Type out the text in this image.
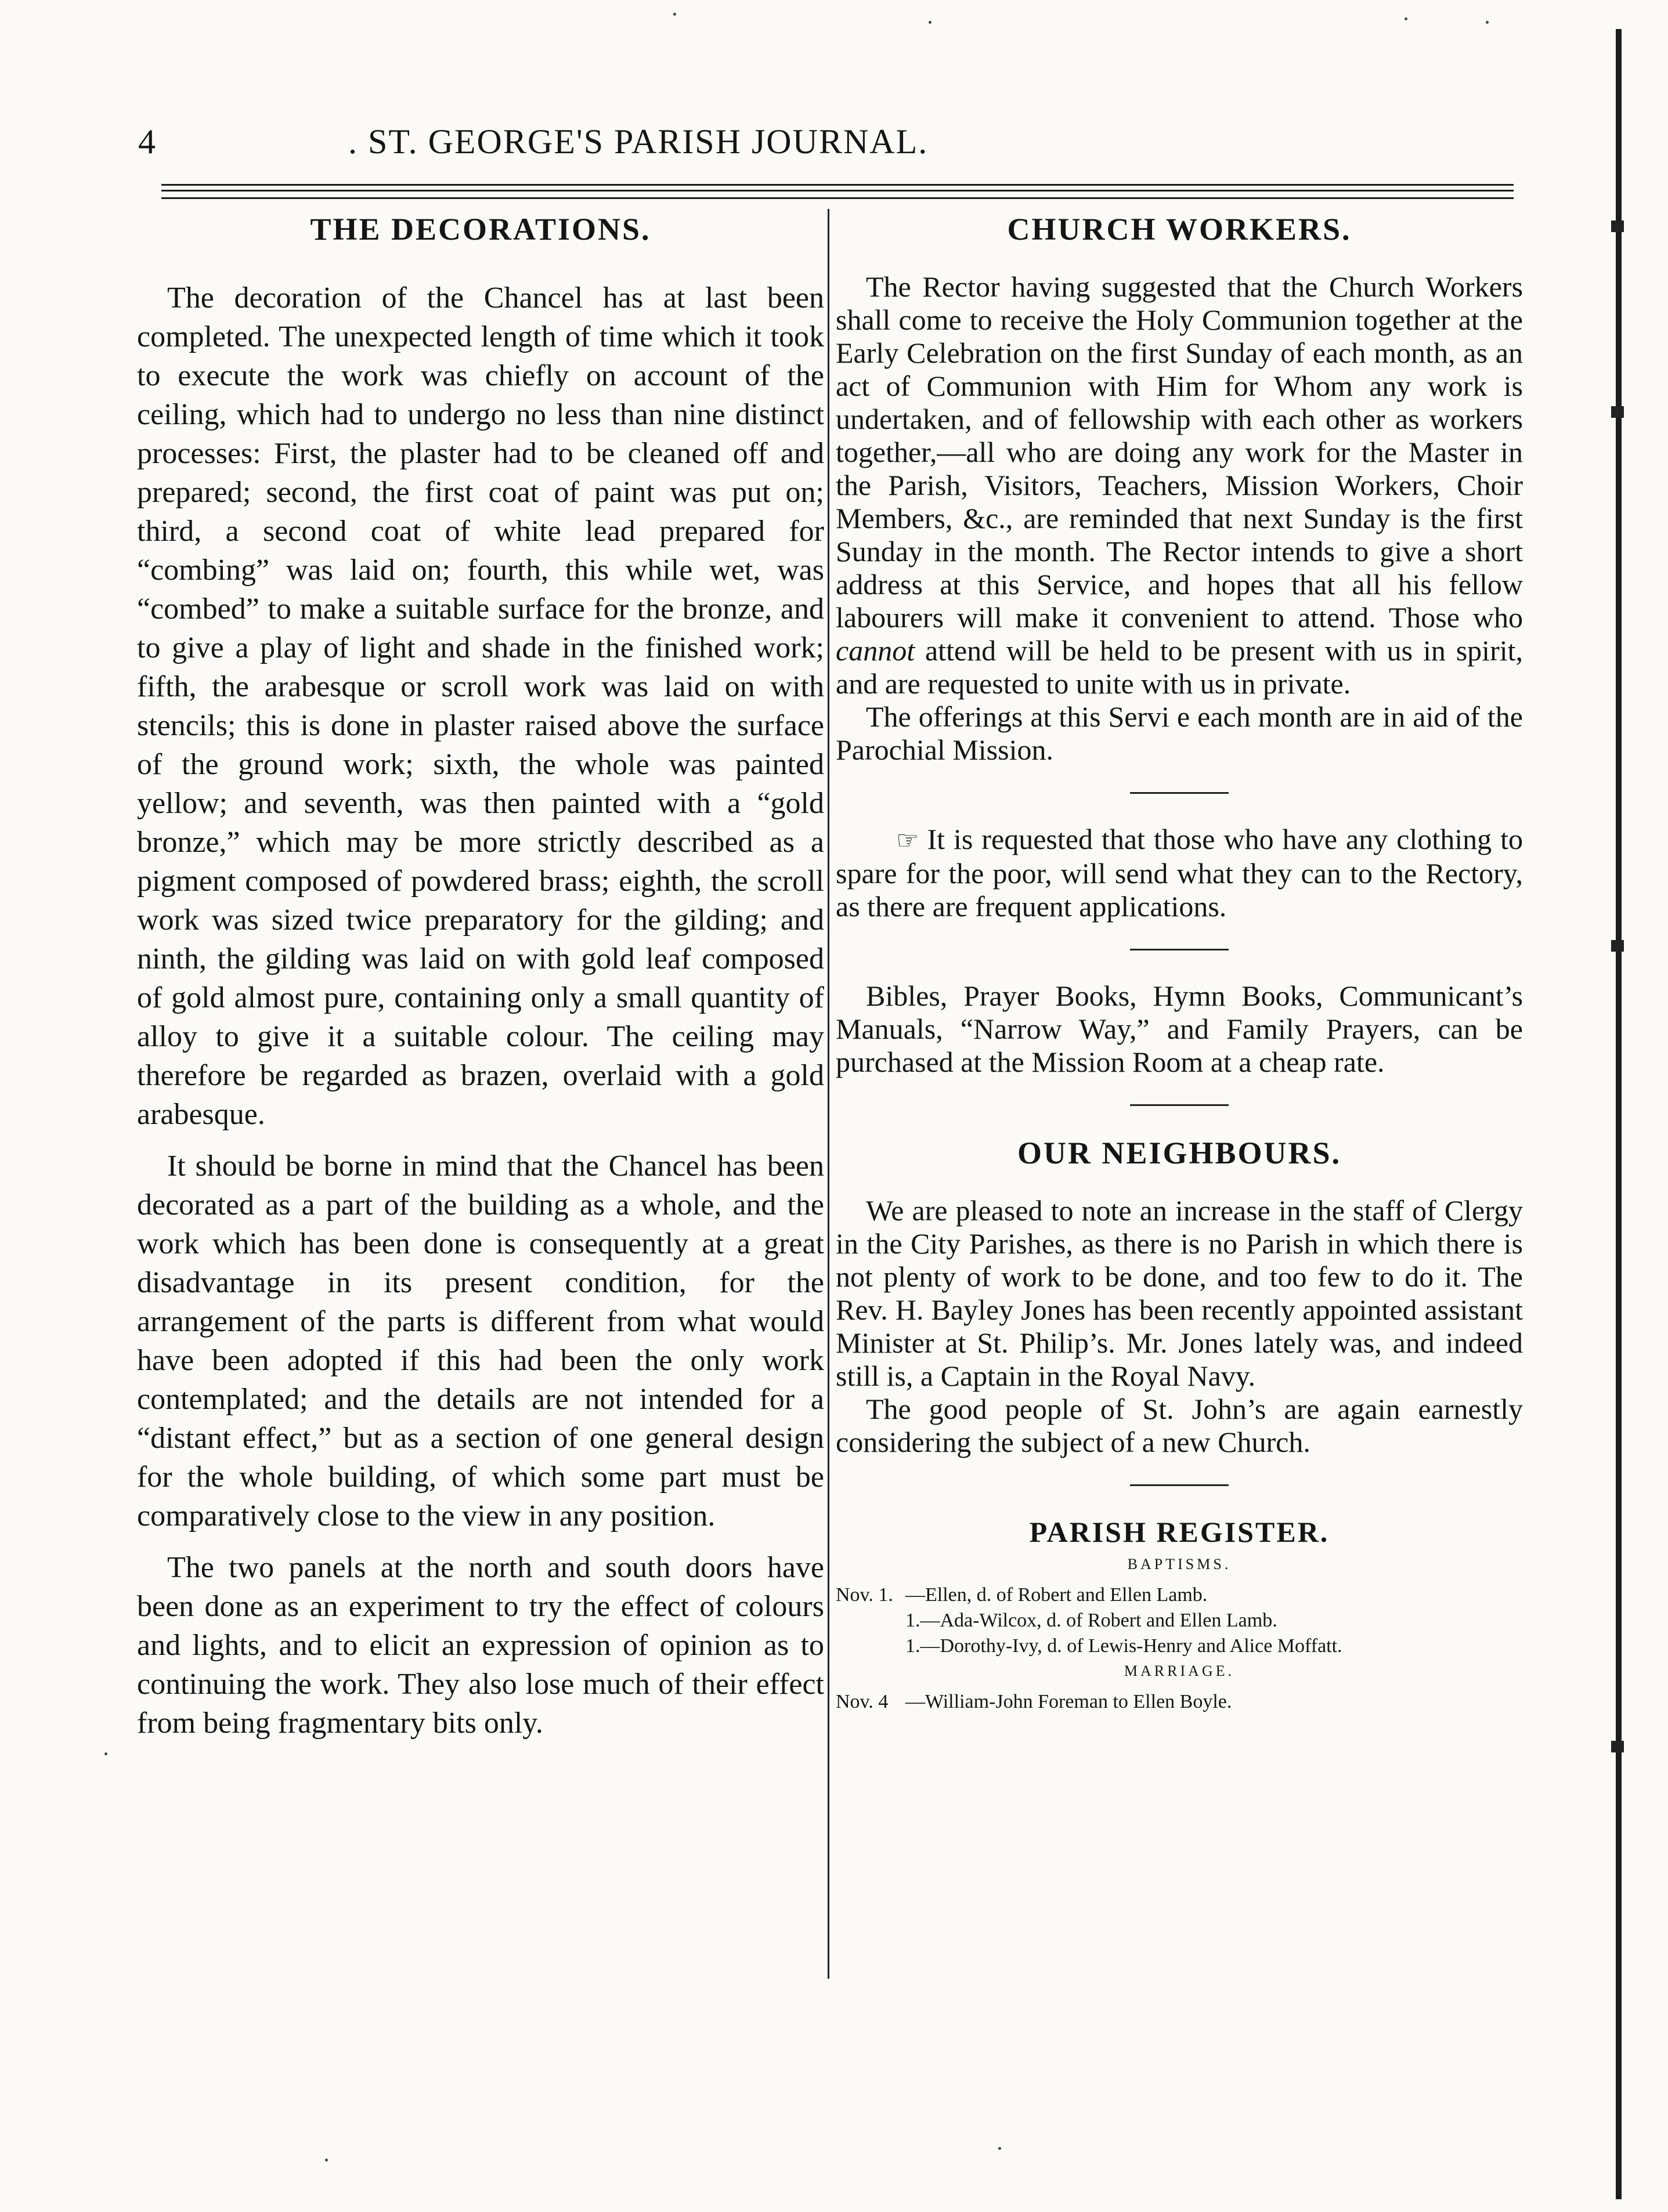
4	. ST. GEORGE'S PARISH JOURNAL.
THE DECORATIONS.

The decoration of the Chancel has at last been completed. The unexpected length of time which it took to execute the work was chiefly on account of the ceiling, which had to undergo no less than nine distinct processes: First, the plaster had to be cleaned off and prepared; second, the first coat of paint was put on; third, a second coat of white lead prepared for “combing” was laid on; fourth, this while wet, was “combed” to make a suitable surface for the bronze, and to give a play of light and shade in the finished work; fifth, the arabesque or scroll work was laid on with stencils; this is done in plaster raised above the surface of the ground work; sixth, the whole was painted yellow; and seventh, was then painted with a “gold bronze,” which may be more strictly described as a pigment composed of powdered brass; eighth, the scroll work was sized twice preparatory for the gilding; and ninth, the gilding was laid on with gold leaf composed of gold almost pure, containing only a small quantity of alloy to give it a suitable colour. The ceiling may therefore be regarded as brazen, overlaid with a gold arabesque.

It should be borne in mind that the Chancel has been decorated as a part of the building as a whole, and the work which has been done is consequently at a great disadvantage in its present condition, for the arrangement of the parts is different from what would have been adopted if this had been the only work contemplated; and the details are not intended for a “distant effect,” but as a section of one general design for the whole building, of which some part must be comparatively close to the view in any position.

The two panels at the north and south doors have been done as an experiment to try the effect of colours and lights, and to elicit an expression of opinion as to continuing the work. They also lose much of their effect from being fragmentary bits only.

CHURCH WORKERS.

The Rector having suggested that the Church Workers shall come to receive the Holy Communion together at the Early Celebration on the first Sunday of each month, as an act of Communion with Him for Whom any work is undertaken, and of fellowship with each other as workers together,—all who are doing any work for the Master in the Parish, Visitors, Teachers, Mission Workers, Choir Members, &c., are reminded that next Sunday is the first Sunday in the month. The Rector intends to give a short address at this Service, and hopes that all his fellow labourers will make it convenient to attend. Those who cannot attend will be held to be present with us in spirit, and are requested to unite with us in private.

The offerings at this Servi e each month are in aid of the Parochial Mission.

☞ It is requested that those who have any clothing to spare for the poor, will send what they can to the Rectory, as there are frequent applications.

Bibles, Prayer Books, Hymn Books, Communicant’s Manuals, “Narrow Way,” and Family Prayers, can be purchased at the Mission Room at a cheap rate.

OUR NEIGHBOURS.

We are pleased to note an increase in the staff of Clergy in the City Parishes, as there is no Parish in which there is not plenty of work to be done, and too few to do it. The Rev. H. Bayley Jones has been recently appointed assistant Minister at St. Philip’s. Mr. Jones lately was, and indeed still is, a Captain in the Royal Navy.

The good people of St. John’s are again earnestly considering the subject of a new Church.

PARISH REGISTER.
BAPTISMS.
Nov. 1. —Ellen, d. of Robert and Ellen Lamb.
1.—Ada-Wilcox, d. of Robert and Ellen Lamb.
1.—Dorothy-Ivy, d. of Lewis-Henry and Alice Moffatt.
MARRIAGE.
Nov. 4 —William-John Foreman to Ellen Boyle.
